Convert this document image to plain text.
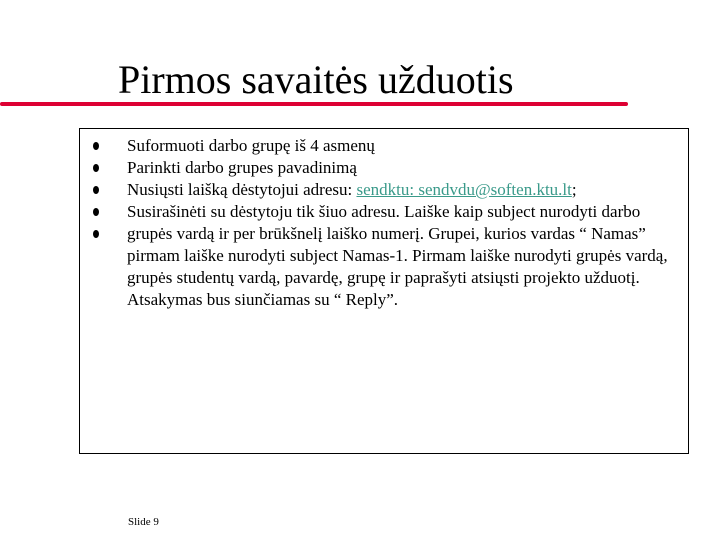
Pirmos savaitės užduotis
Suformuoti darbo grupę iš 4 asmenų
Parinkti darbo grupes pavadinimą
Nusiųsti laišką dėstytojui adresu: sendktu: sendvdu@soften.ktu.lt;
Susirašinėti su dėstytoju tik šiuo adresu. Laiške kaip subject nurodyti darbo grupės vardą ir per brūkšnelį laiško numerį. Grupei, kurios vardas “ Namas” pirmam laiške nurodyti subject Namas-1. Pirmam laiške nurodyti grupės vardą, grupės studentų vardą, pavardę, grupę ir paprašyti atsiųsti projekto užduotį. Atsakymas bus siunčiamas su “ Reply”.
Slide 9
